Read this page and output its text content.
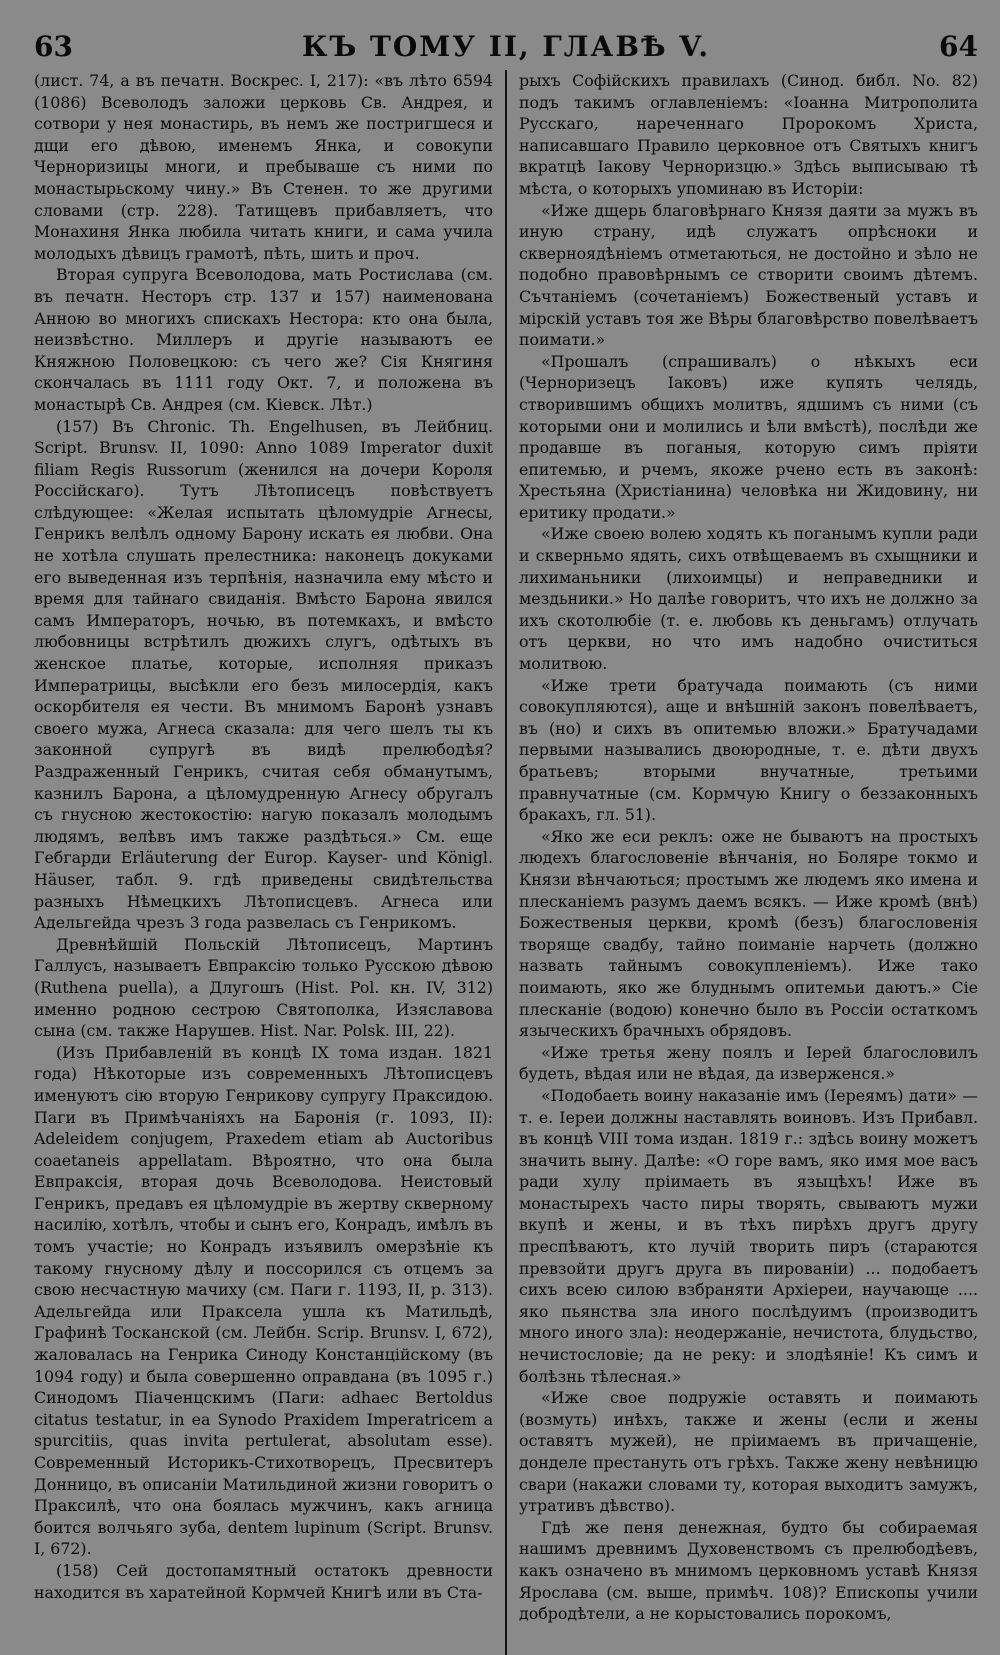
63	КЪ ТОМУ II, ГЛАВѢ V.	64

(лист. 74, а въ печатн. Воскрес. I, 217): «въ лѣто 6594 (1086) Всеволодъ заложи церковь Св. Андрея, и сотвори у нея монастирь, въ немъ же постригшеся и дщи его дѣвою, именемъ Янка, и совокупи Черноризицы многи, и пребываше съ ними по монастырьскому чину.» Въ Стенен. то же другими словами (стр. 228). Татищевъ прибавляетъ, что Монахиня Янка любила читать книги, и сама учила молодыхъ дѣвицъ грамотѣ, пѣть, шить и проч.

Вторая супруга Всеволодова, мать Ростислава (см. въ печатн. Несторъ стр. 137 и 157) наименована Анною во многихъ спискахъ Нестора: кто она была, неизвѣстно. Миллеръ и другіе называютъ ее Княжною Половецкою: съ чего же? Сія Княгиня скончалась въ 1111 году Окт. 7, и положена въ монастырѣ Св. Андрея (см. Кіевск. Лѣт.)

(157) Въ Chronic. Th. Engelhusen, въ Лейбниц. Script. Brunsv. II, 1090: Anno 1089 Imperator duxit filiam Regis Russorum (женился на дочери Короля Россійскаго). Тутъ Лѣтописецъ повѣствуетъ слѣдующее: «Желая испытать цѣломудріе Агнесы, Генрикъ велѣлъ одному Барону искать ея любви. Она не хотѣла слушать прелестника: наконецъ докуками его выведенная изъ терпѣнія, назначила ему мѣсто и время для тайнаго свиданія. Вмѣсто Барона явился самъ Императоръ, ночью, въ потемкахъ, и вмѣсто любовницы встрѣтилъ дюжихъ слугъ, одѣтыхъ въ женское платье, которые, исполняя приказъ Императрицы, высѣкли его безъ милосердія, какъ оскорбителя ея чести. Въ мнимомъ Баронѣ узнавъ своего мужа, Агнеса сказала: для чего шелъ ты къ законной супругѣ въ видѣ прелюбодѣя? Раздраженный Генрикъ, считая себя обманутымъ, казнилъ Барона, а цѣломудренную Агнесу обругалъ съ гнусною жестокостію: нагую показалъ молодымъ людямъ, велѣвъ имъ также раздѣться.» См. еще Гебгарди Erläuterung der Europ. Kayser- und Königl. Häuser, табл. 9. гдѣ приведены свидѣтельства разныхъ Нѣмецкихъ Лѣтописцевъ. Агнеса или Адельгейда чрезъ 3 года развелась съ Генрикомъ.

Древнѣйшій Польскій Лѣтописецъ, Мартинъ Галлусъ, называетъ Евпраксію только Русскою дѣвою (Ruthena puella), а Длугошъ (Hist. Pol. кн. IV, 312) именно родною сестрою Святополка, Изяславова сына (см. также Нарушев. Hist. Nar. Polsk. III, 22).

(Изъ Прибавленій въ концѣ IX тома издан. 1821 года) Нѣкоторые изъ современныхъ Лѣтописцевъ именуютъ сію вторую Генрикову супругу Праксидою. Паги въ Примѣчаніяхъ на Баронія (г. 1093, II): Adeleidem conjugem, Praxedem etiam ab Auctoribus coaetaneis appellatam. Вѣроятно, что она была Евпраксія, вторая дочь Всеволодова. Неистовый Генрикъ, предавъ ея цѣломудріе въ жертву скверному насилію, хотѣлъ, чтобы и сынъ его, Конрадъ, имѣлъ въ томъ участіе; но Конрадъ изъявилъ омерзѣніе къ такому гнусному дѣлу и поссорился съ отцемъ за свою несчастную мачиху (см. Паги г. 1193, II, р. 313). Адельгейда или Праксела ушла къ Матильдѣ, Графинѣ Тосканской (см. Лейбн. Scrip. Brunsv. I, 672), жаловалась на Генрика Синоду Констанційскому (въ 1094 году) и была совершенно оправдана (въ 1095 г.) Синодомъ Піаченцскимъ (Паги: adhaec Bertoldus citatus testatur, in ea Synodo Praxidem Imperatricem a spurcitiis, quas invita pertulerat, absolutam esse). Современный Историкъ-Стихотворецъ, Пресвитеръ Донницо, въ описаніи Матильдиной жизни говоритъ о Праксилѣ, что она боялась мужчинъ, какъ агница боится волчьяго зуба, dentem lupinum (Script. Brunsv. I, 672).

(158) Сей достопамятный остатокъ древности находится въ харатейной Кормчей Книгѣ или въ Ста-

рыхъ Софійскихъ правилахъ (Синод. библ. No. 82) подъ такимъ оглавленіемъ: «Іоанна Митрополита Русскаго, нареченнаго Пророкомъ Христа, написавшаго Правило церковное отъ Святыхъ книгъ вкратцѣ Іакову Черноризцю.» Здѣсь выписываю тѣ мѣста, о которыхъ упоминаю въ Исторіи:

«Иже дщерь благовѣрнаго Князя даяти за мужъ въ иную страну, идѣ служатъ опрѣсноки и скверноядѣніемъ отметаються, не достойно и зѣло не подобно правовѣрнымъ се створити своимъ дѣтемъ. Съчтаніемъ (сочетаніемъ) Божественый уставъ и мірскій уставъ тоя же Вѣры благовѣрство повелѣваетъ поимати.»

«Прошалъ (спрашивалъ) о нѣкыхъ еси (Черноризецъ Іаковъ) иже купять челядь, створившимъ общихъ молитвъ, ядшимъ съ ними (съ которыми они и молились и ѣли вмѣстѣ), послѣди же продавше въ поганыя, которую симъ пріяти епитемью, и рчемъ, якоже рчено есть въ законѣ: Хрестьяна (Христіанина) человѣка ни Жидовину, ни еритику продати.»

«Иже своею волею ходять къ поганымъ купли ради и скверньмо ядять, сихъ отвѣщеваемъ въ схыщники и лихиманьники (лихоимцы) и неправедники и мездьники.» Но далѣе говоритъ, что ихъ не должно за ихъ скотолюбіе (т. е. любовь къ деньгамъ) отлучать отъ церкви, но что имъ надобно очиститься молитвою.

«Иже трети братучада поимають (съ ними совокупляются), аще и внѣшній законъ повелѣваетъ, въ (но) и сихъ въ опитемью вложи.» Братучадами первыми назывались двоюродные, т. е. дѣти двухъ братьевъ; вторыми внучатные, третьими правнучатные (см. Кормчую Книгу о беззаконныхъ бракахъ, гл. 51).

«Яко же еси реклъ: оже не бываютъ на простыхъ людехъ благословеніе вѣнчанія, но Боляре токмо и Князи вѣнчаються; простымъ же людемъ яко имена и плесканіемъ разумъ даемъ всякъ. — Иже кромѣ (внѣ) Божественыя церкви, кромѣ (безъ) благословенія творяще свадбу, тайно поиманіе нарчеть (должно назвать тайнымъ совокупленіемъ). Иже тако поимають, яко же блуднымъ опитемьи даютъ.» Сіе плесканіе (водою) конечно было въ Россіи остаткомъ языческихъ брачныхъ обрядовъ.

«Иже третья жену поялъ и Іерей благословилъ будеть, вѣдая или не вѣдая, да изверженся.»

«Подобаеть воину наказаніе имъ (Іереямъ) дати» — т. е. Іереи должны наставлять воиновъ. Изъ Прибавл. въ концѣ VIII тома издан. 1819 г.: здѣсь воину можетъ значить выну. Далѣе: «О горе вамъ, яко имя мое васъ ради хулу пріимаеть въ языцѣхъ! Иже въ монастырехъ часто пиры творять, свываютъ мужи вкупѣ и жены, и въ тѣхъ пирѣхъ другъ другу преспѣваютъ, кто лучій творить пиръ (стараются превзойти другъ друга въ пированіи) ... подобаетъ сихъ всею силою взбраняти Архіереи, научающе .... яко пьянства зла иного послѣдуимъ (производитъ много иного зла): неодержаніе, нечистота, блудьство, нечистословіе; да не реку: и злодѣяніе! Къ симъ и болѣзнь тѣлесная.»

«Иже свое подружіе оставять и поимають (возмуть) инѣхъ, также и жены (если и жены оставятъ мужей), не пріимаемъ въ причащеніе, донделе престануть отъ грѣхъ. Также жену невѣницю свари (накажи словами ту, которая выходитъ замужъ, утративъ дѣвство).

Гдѣ же пеня денежная, будто бы собираемая нашимъ древнимъ Духовенствомъ съ прелюбодѣевъ, какъ означено въ мнимомъ церковномъ уставѣ Князя Ярослава (см. выше, примѣч. 108)? Епископы учили добродѣтели, а не корыстовались порокомъ,
